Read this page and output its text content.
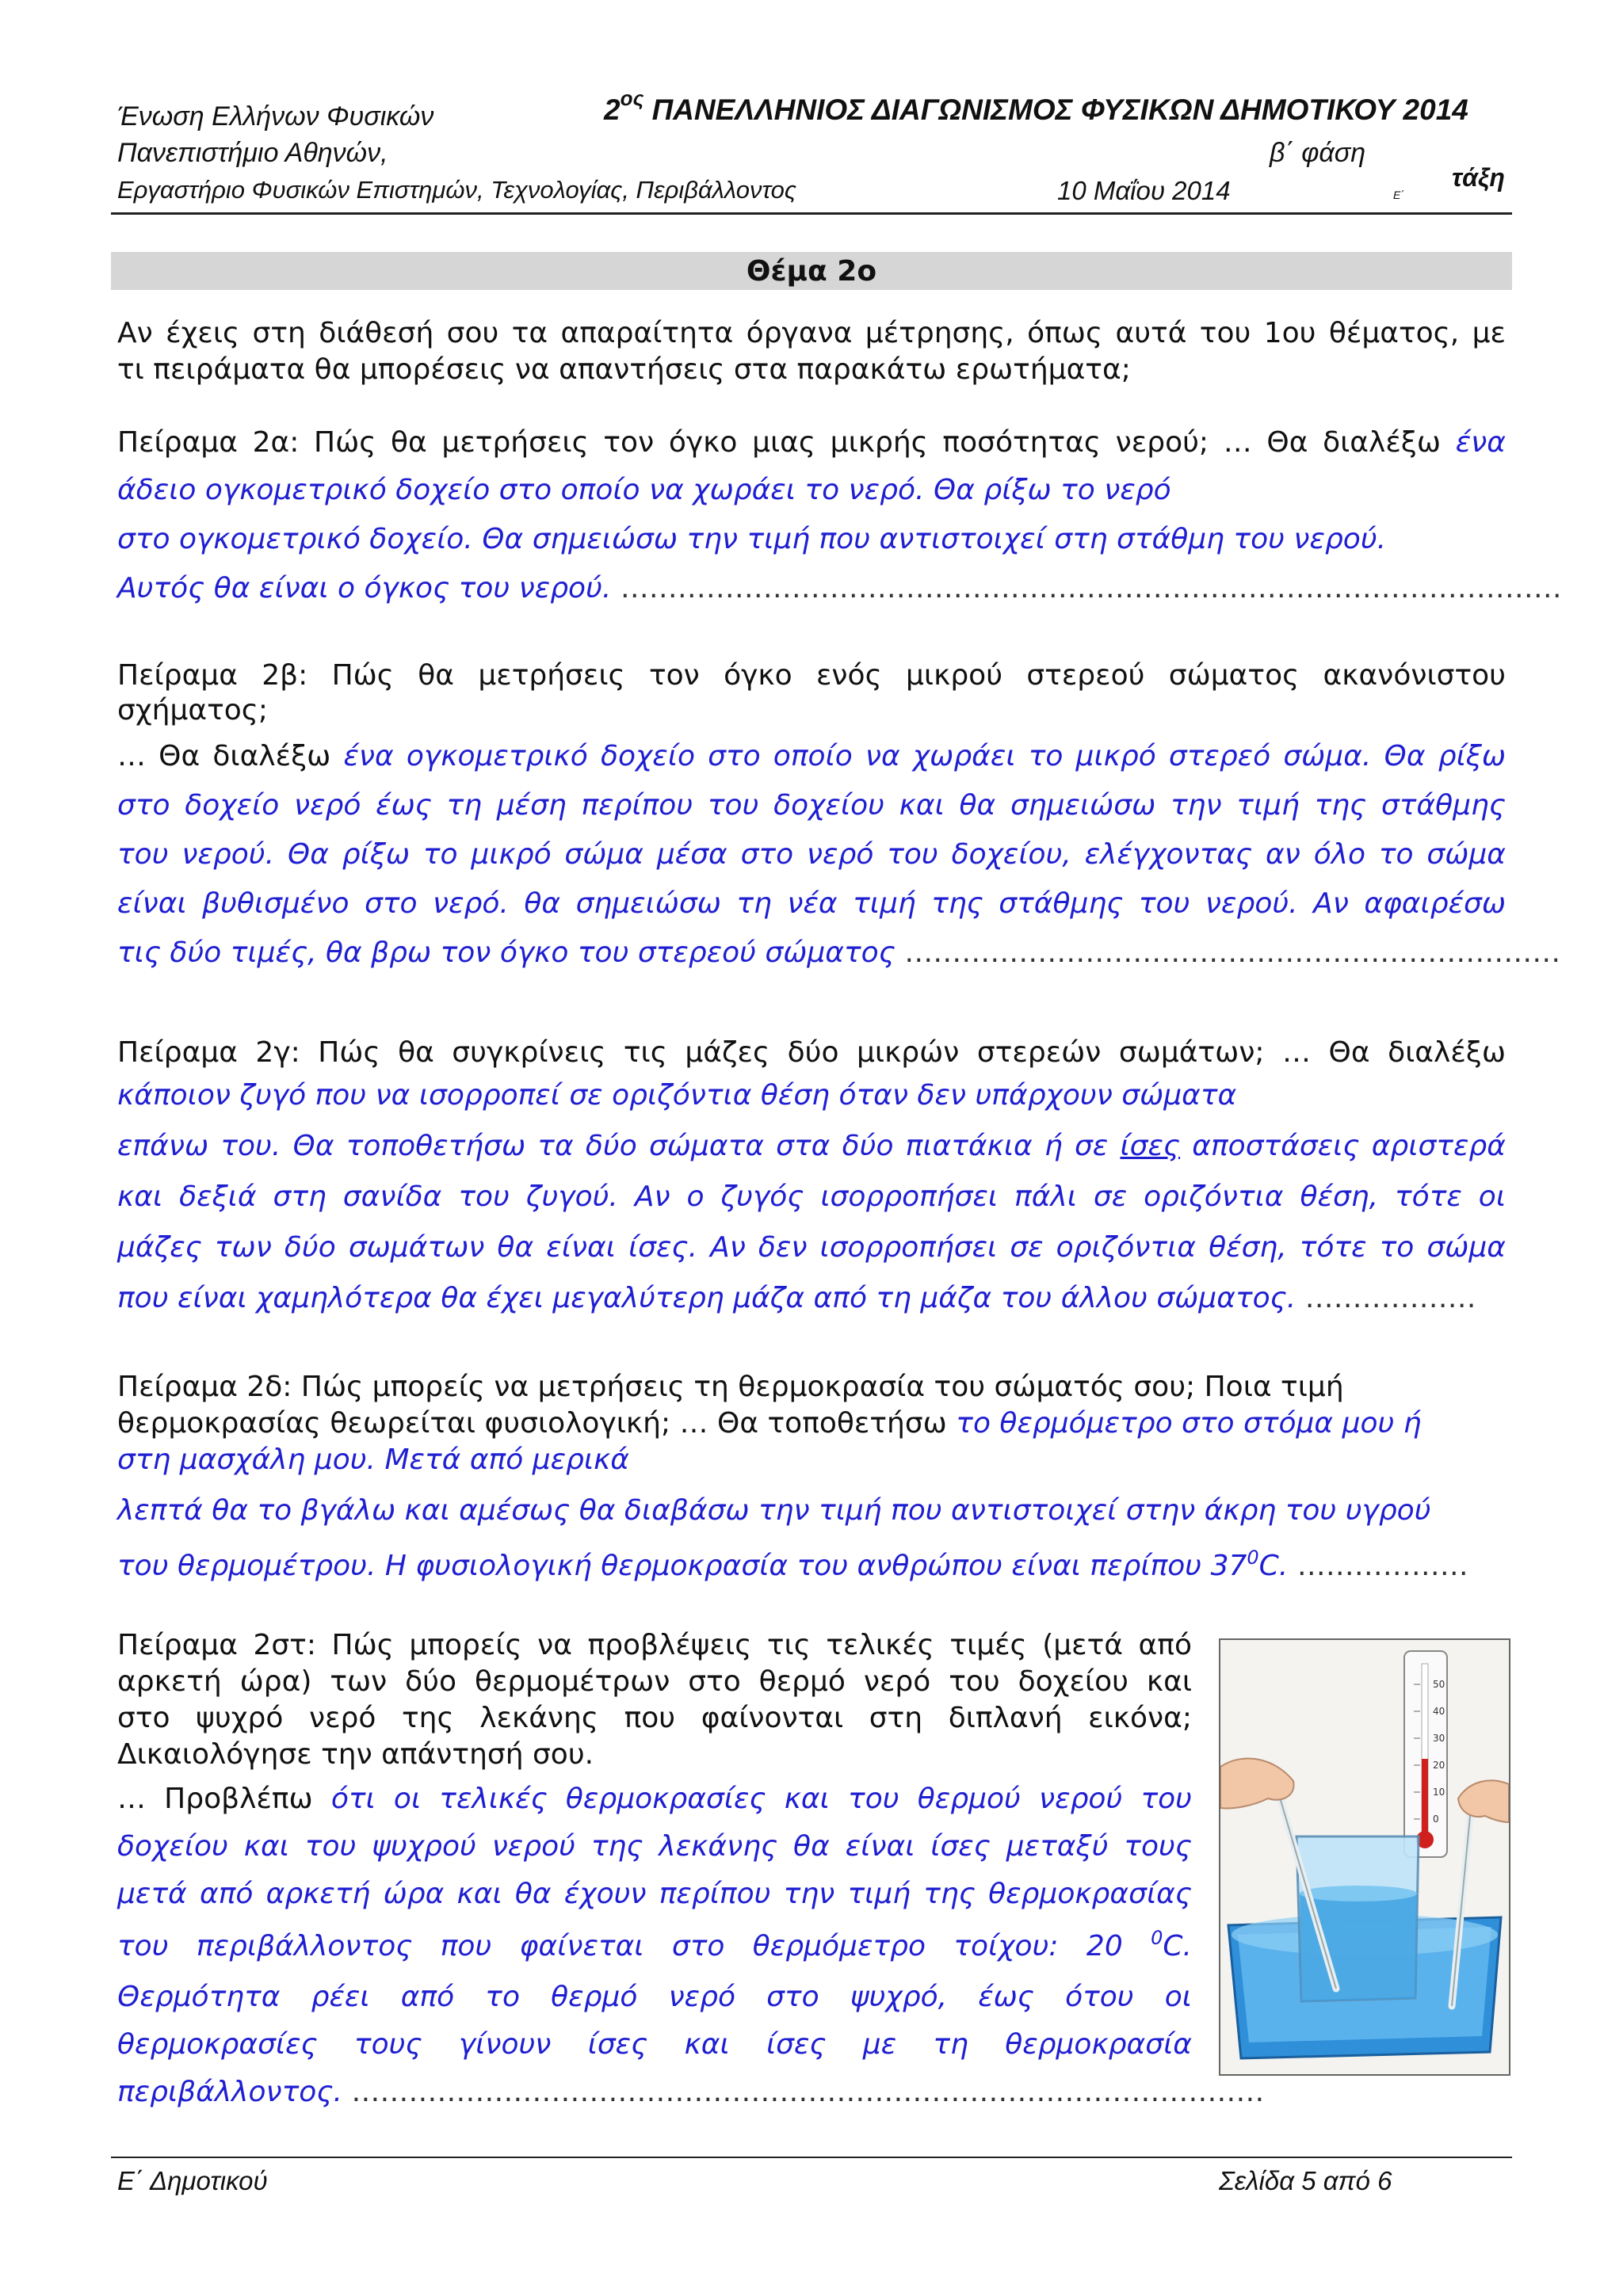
Ένωση Ελλήνων Φυσικών
Πανεπιστήμιο Αθηνών,
Εργαστήριο Φυσικών Επιστημών, Τεχνολογίας, Περιβάλλοντος
$2^{o\varsigma}$ ΠΑΝΕΛΛΗΝΙΟΣ ΔΙΑΓΩΝΙΣΜΟΣ ΦΥΣΙΚΩΝ ΔΗΜΟΤΙΚΟΥ 2014
β΄ φάση
10 Μαΐου 2014	Ε΄
τάξη
Θέμα 2ο
Αν έχεις στη διάθεσή σου τα απαραίτητα όργανα μέτρησης, όπως αυτά του 1ου θέματος, με
τι πειράματα θα μπορέσεις να απαντήσεις στα παρακάτω ερωτήματα;
Πείραμα 2α: Πώς θα μετρήσεις τον όγκο μιας μικρής ποσότητας νερού; … Θα διαλέξω ένα
άδειο ογκομετρικό δοχείο στο οποίο να χωράει το νερό. Θα ρίξω το νερό
στο ογκομετρικό δοχείο. Θα σημειώσω την τιμή που αντιστοιχεί στη στάθμη του νερού.
Αυτός θα είναι ο όγκος του νερού. ………………………………………………………………………………………
Πείραμα 2β: Πώς θα μετρήσεις τον όγκο ενός μικρού στερεού σώματος ακανόνιστου
σχήματος;
… Θα διαλέξω ένα ογκομετρικό δοχείο στο οποίο να χωράει το μικρό στερεό σώμα. Θα ρίξω
στο δοχείο νερό έως τη μέση περίπου του δοχείου και θα σημειώσω την τιμή της στάθμης
του νερού. Θα ρίξω το μικρό σώμα μέσα στο νερό του δοχείου, ελέγχοντας αν όλο το σώμα
είναι βυθισμένο στο νερό. θα σημειώσω τη νέα τιμή της στάθμης του νερού. Αν αφαιρέσω
τις δύο τιμές, θα βρω τον όγκο του στερεού σώματος ……………………………………………………………
Πείραμα 2γ: Πώς θα συγκρίνεις τις μάζες δύο μικρών στερεών σωμάτων; … Θα διαλέξω
κάποιον ζυγό που να ισορροπεί σε οριζόντια θέση όταν δεν υπάρχουν σώματα
επάνω του. Θα τοποθετήσω τα δύο σώματα στα δύο πιατάκια ή σε ίσες αποστάσεις αριστερά
και δεξιά στη σανίδα του ζυγού. Αν ο ζυγός ισορροπήσει πάλι σε οριζόντια θέση, τότε οι
μάζες των δύο σωμάτων θα είναι ίσες. Αν δεν ισορροπήσει σε οριζόντια θέση, τότε το σώμα
που είναι χαμηλότερα θα έχει μεγαλύτερη μάζα από τη μάζα του άλλου σώματος. ………………
Πείραμα 2δ: Πώς μπορείς να μετρήσεις τη θερμοκρασία του σώματός σου; Ποια τιμή
θερμοκρασίας θεωρείται φυσιολογική; … Θα τοποθετήσω το θερμόμετρο στο στόμα μου ή
στη μασχάλη μου. Μετά από μερικά
λεπτά θα το βγάλω και αμέσως θα διαβάσω την τιμή που αντιστοιχεί στην άκρη του υγρού
του θερμομέτρου. Η φυσιολογική θερμοκρασία του ανθρώπου είναι περίπου $37^0C$. ………………
Πείραμα 2στ: Πώς μπορείς να προβλέψεις τις τελικές τιμές (μετά από
αρκετή ώρα) των δύο θερμομέτρων στο θερμό νερό του δοχείου και
στο ψυχρό νερό της λεκάνης που φαίνονται στη διπλανή εικόνα;
Δικαιολόγησε την απάντησή σου.
… Προβλέπω ότι οι τελικές θερμοκρασίες και του θερμού νερού του
δοχείου και του ψυχρού νερού της λεκάνης θα είναι ίσες μεταξύ τους
μετά από αρκετή ώρα και θα έχουν περίπου την τιμή της θερμοκρασίας
του περιβάλλοντος που φαίνεται στο θερμόμετρο τοίχου: 20 $^0$C.
Θερμότητα ρέει από το θερμό νερό στο ψυχρό, έως ότου οι
θερμοκρασίες τους γίνουν ίσες και ίσες με τη θερμοκρασία
περιβάλλοντος. ……………………………………………………………………………………
50
40
30
20
10
0
Ε΄ Δημοτικού	Σελίδα 5 από 6
